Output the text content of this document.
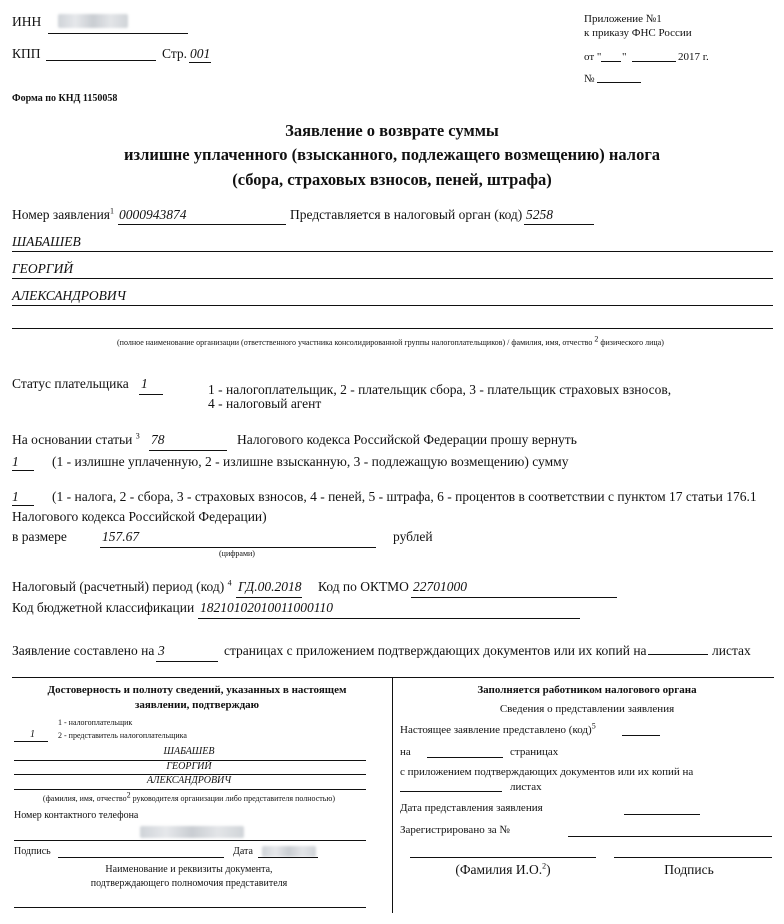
ИНН
КПП	Стр. 001
Приложение №1
к приказу ФНС России
от " "	2017 г.
№
Форма по КНД 1150058
Заявление о возврате суммы
излишне уплаченного (взысканного, подлежащего возмещению) налога
(сбора, страховых взносов, пеней, штрафа)
Номер заявления$^1$ 0000943874	Представляется в налоговый орган (код) 5258
ШАБАШЕВ
ГЕОРГИЙ
АЛЕКСАНДРОВИЧ
(полное наименование организации (ответственного участника консолидированной группы налогоплательщиков) / фамилия, имя, отчество $^2$ физического лица)
Статус плательщика 1	1 - налогоплательщик, 2 - плательщик сбора, 3 - плательщик страховых взносов,
4 - налоговый агент
На основании статьи $^3$ 78	Налогового кодекса Российской Федерации прошу вернуть
1 (1 - излишне уплаченную, 2 - излишне взысканную, 3 - подлежащую возмещению) сумму
1 (1 - налога, 2 - сбора, 3 - страховых взносов, 4 - пеней, 5 - штрафа, 6 - процентов в соответствии с пунктом 17 статьи 176.1
Налогового кодекса Российской Федерации)
в размере	157.67	рублей
(цифрами)
Налоговый (расчетный) период (код) $^4$ ГД.00.2018 Код по ОКТМО 22701000
Код бюджетной классификации 18210102010011000110
Заявление составлено на 3	страницах с приложением подтверждающих документов или их копий на	листах
Достоверность и полноту сведений, указанных в настоящем
заявлении, подтверждаю
1
1 - налогоплательщик
2 - представитель налогоплательщика
ШАБАШЕВ
ГЕОРГИЙ
АЛЕКСАНДРОВИЧ
(фамилия, имя, отчество$^2$ руководителя организации либо представителя полностью)
Номер контактного телефона
Подпись	Дата
Наименование и реквизиты документа,
подтверждающего полномочия представителя
Заполняется работником налогового органа
Сведения о представлении заявления
Настоящее заявление представлено (код)$^5$
на	страницах
с приложением подтверждающих документов или их копий на
листах
Дата представления заявления
Зарегистрировано за №
(Фамилия И.О.$^2$)	Подпись
